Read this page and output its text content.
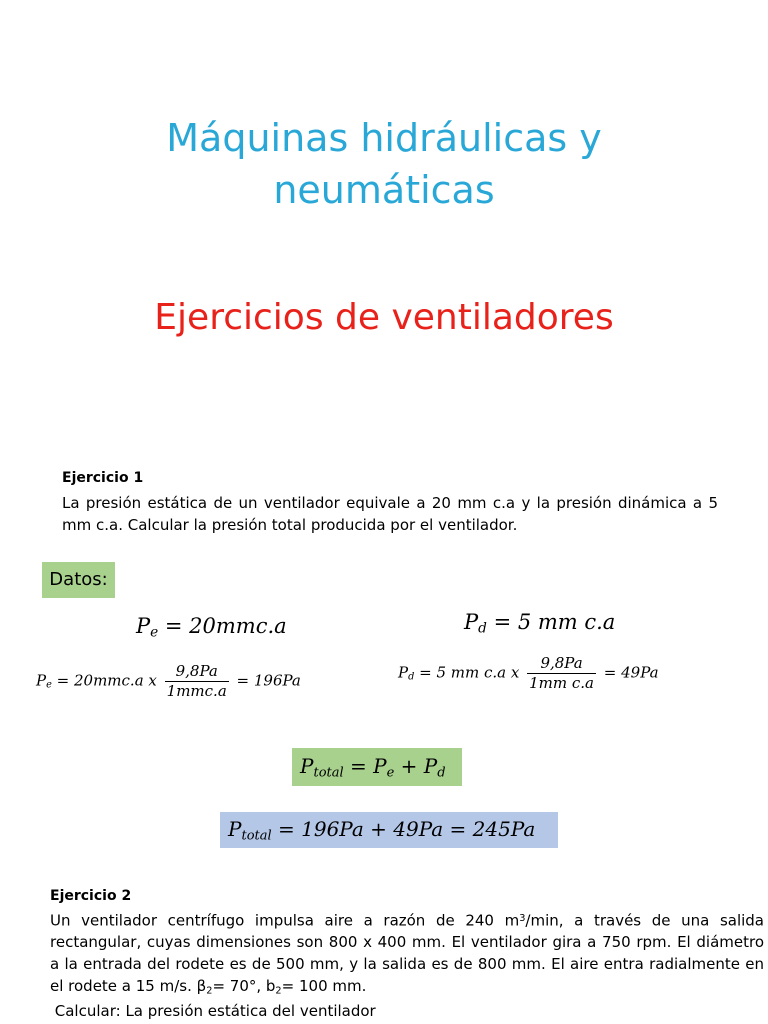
Máquinas hidráulicas y
neumáticas
Ejercicios de ventiladores
Ejercicio 1
La presión estática de un ventilador equivale a 20 mm c.a y la presión dinámica a 5 mm c.a. Calcular la presión total producida por el ventilador.
Datos:
$P_e = 20mmc.a$	$P_d = 5$ mm c.a
$P_e = 20mmc.a$ x $\frac{9,8Pa}{\text{1mmc.a}} = 196Pa$	$P_d = 5$ mm c.a x $\frac{9,8Pa}{\text{1mm c.a}} = 49Pa$
$P_{total} = P_e + P_d$
$P_{total} = 196Pa + 49Pa = 245Pa$
Ejercicio 2
Un ventilador centrífugo impulsa aire a razón de 240 $m^3/\min$, a través de una salida rectangular, cuyas dimensiones son 800 x 400 mm. El ventilador gira a 750 rpm. El diámetro a la entrada del rodete es de 500 mm, y la salida es de 800 mm. El aire entra radialmente en el rodete a 15 m/s. $\beta_2= 70^\circ$, $b_2= 100$ mm.
Calcular: La presión estática del ventilador
